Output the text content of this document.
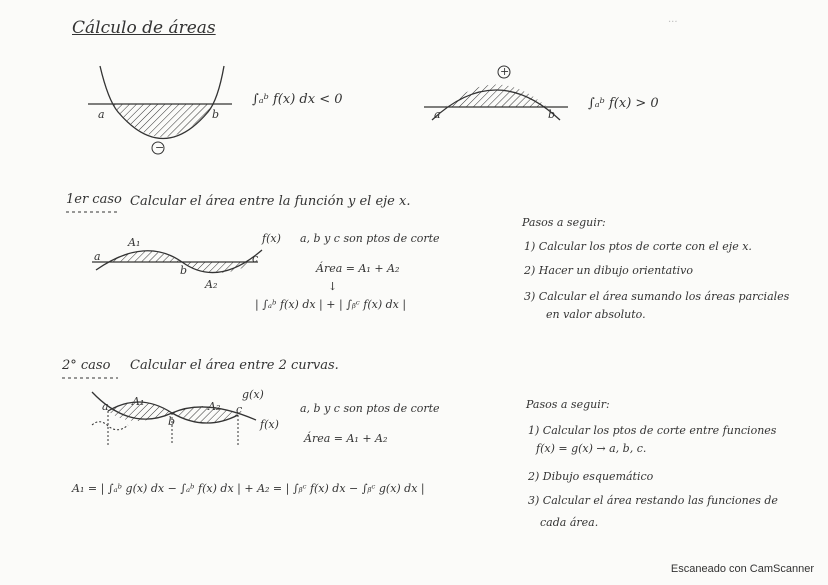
Cálculo de áreas	...
a	b
−
∫ₐᵇ f(x) dx < 0
a	b
+
∫ₐᵇ f(x) > 0
1er caso Calcular el área entre la función y el eje x.
A₁
A₂
a
b
c
f(x) a, b y c son ptos de corte
Área = A₁ + A₂
↓
| ∫ₐᵇ f(x) dx | + | ∫ᵦᶜ f(x) dx |
Pasos a seguir:
1) Calcular los ptos de corte con el eje x.
2) Hacer un dibujo orientativo
3) Calcular el área sumando los áreas parciales
en valor absoluto.
2° caso Calcular el área entre 2 curvas.
A₁	A₂
a
b
c
g(x)
f(x)
a, b y c son ptos de corte
Área = A₁ + A₂
A₁ = | ∫ₐᵇ g(x) dx − ∫ₐᵇ f(x) dx | + A₂ = | ∫ᵦᶜ f(x) dx − ∫ᵦᶜ g(x) dx |
Pasos a seguir:
1) Calcular los ptos de corte entre funciones
f(x) = g(x) → a, b, c.
2) Dibujo esquemático
3) Calcular el área restando las funciones de
cada área.
Escaneado con CamScanner
